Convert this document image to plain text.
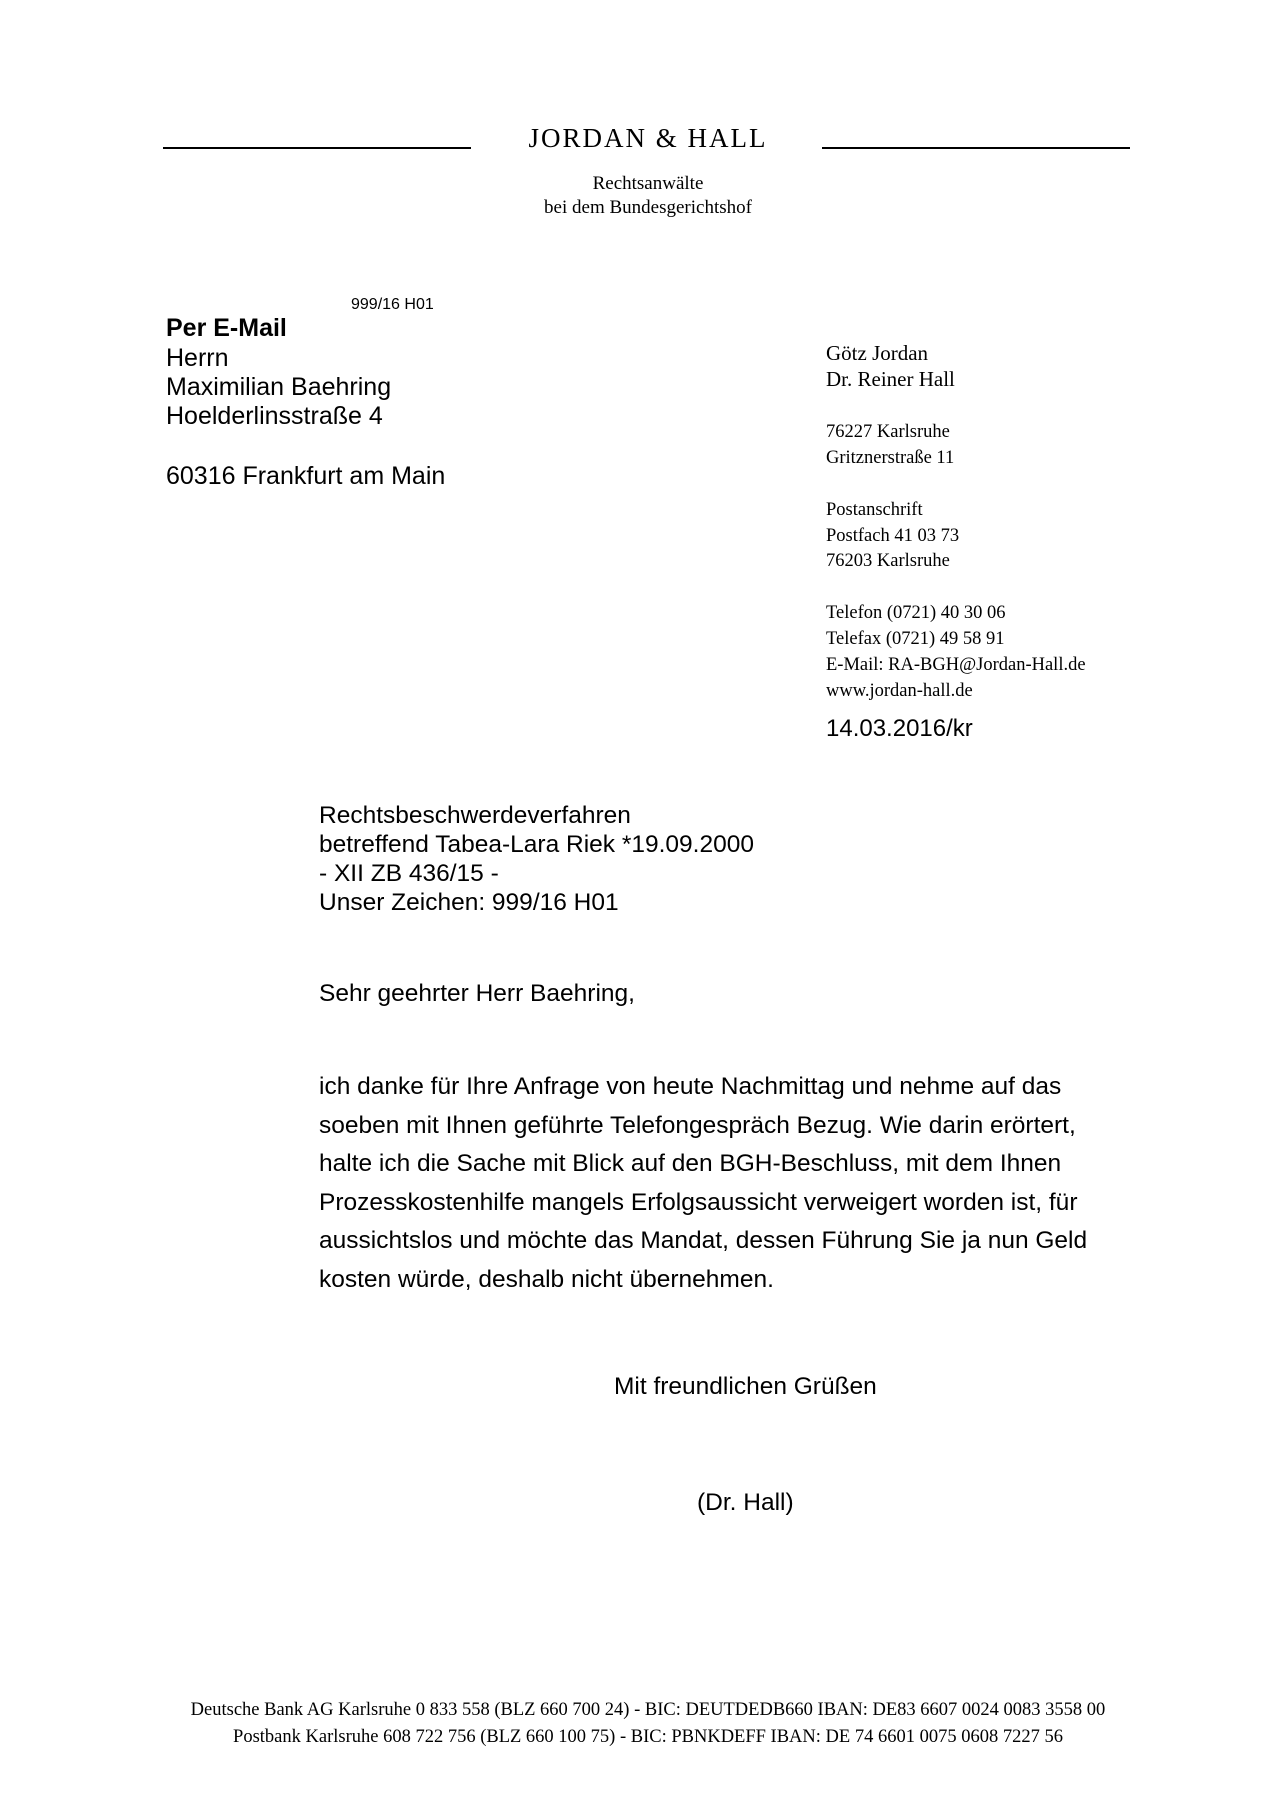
JORDAN & HALL
Rechtsanwälte
bei dem Bundesgerichtshof
999/16 H01
Per E-Mail
Herrn
Maximilian Baehring
Hoelderlinsstraße 4
60316 Frankfurt am Main
Götz Jordan
Dr. Reiner Hall
76227 Karlsruhe
Gritznerstraße 11
Postanschrift
Postfach 41 03 73
76203 Karlsruhe
Telefon (0721) 40 30 06
Telefax (0721) 49 58 91
E-Mail: RA-BGH@Jordan-Hall.de
www.jordan-hall.de
14.03.2016/kr
Rechtsbeschwerdeverfahren
betreffend Tabea-Lara Riek *19.09.2000
- XII ZB 436/15 -
Unser Zeichen: 999/16 H01
Sehr geehrter Herr Baehring,
ich danke für Ihre Anfrage von heute Nachmittag und nehme auf das
soeben mit Ihnen geführte Telefongespräch Bezug. Wie darin erörtert,
halte ich die Sache mit Blick auf den BGH-Beschluss, mit dem Ihnen
Prozesskostenhilfe mangels Erfolgsaussicht verweigert worden ist, für
aussichtslos und möchte das Mandat, dessen Führung Sie ja nun Geld
kosten würde, deshalb nicht übernehmen.
Mit freundlichen Grüßen
(Dr. Hall)
Deutsche Bank AG Karlsruhe 0 833 558 (BLZ 660 700 24) - BIC: DEUTDEDB660 IBAN: DE83 6607 0024 0083 3558 00
Postbank Karlsruhe 608 722 756 (BLZ 660 100 75) - BIC: PBNKDEFF IBAN: DE 74 6601 0075 0608 7227 56
